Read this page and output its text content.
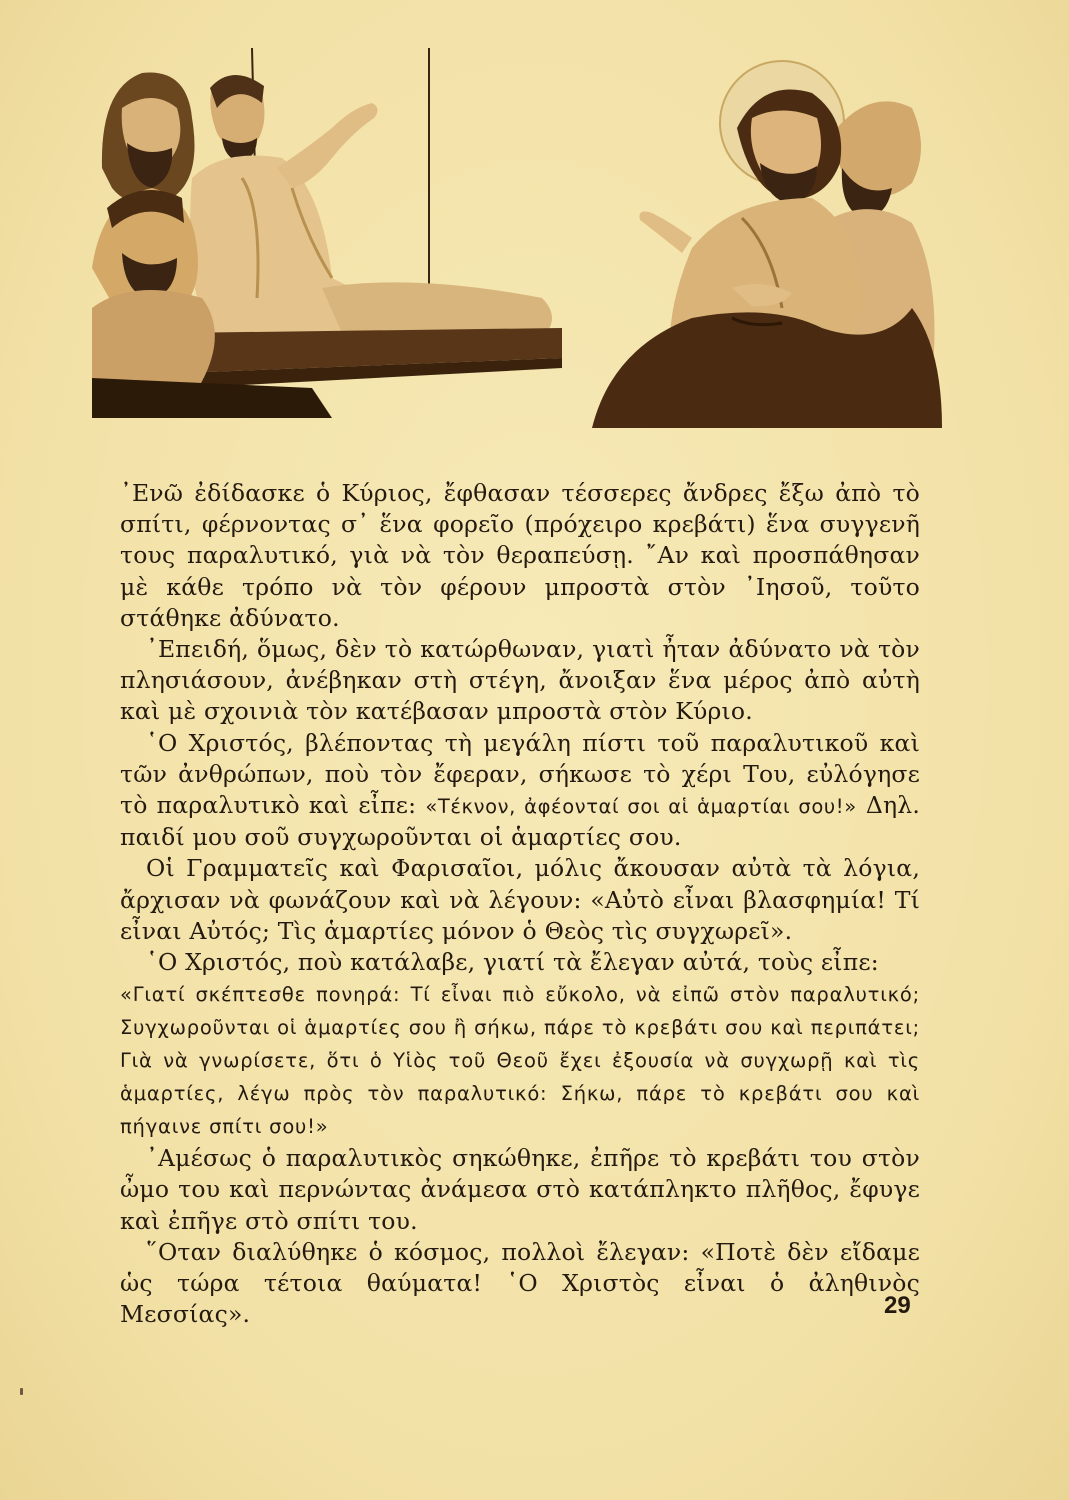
᾿Ενῶ ἐδίδασκε ὁ Κύριος, ἔφθασαν τέσσερες ἄνδρες ἔξω ἀπὸ τὸ σπίτι, φέρνοντας σ᾿ ἕνα φορεῖο (πρόχειρο κρεβάτι) ἕνα συγγενῆ τους παραλυτικό, γιὰ νὰ τὸν θεραπεύσῃ. ῎Αν καὶ προσπάθησαν μὲ κάθε τρόπο νὰ τὸν φέρουν μπροστὰ στὸν ᾿Ιησοῦ, τοῦτο στάθηκε ἀδύνατο.

᾿Επειδή, ὅμως, δὲν τὸ κατώρθωναν, γιατὶ ἦταν ἀδύνατο νὰ τὸν πλησιάσουν, ἀνέβηκαν στὴ στέγη, ἄνοιξαν ἕνα μέρος ἀπὸ αὐτὴ καὶ μὲ σχοινιὰ τὸν κατέβασαν μπροστὰ στὸν Κύριο.

῾Ο Χριστός, βλέποντας τὴ μεγάλη πίστι τοῦ παραλυτικοῦ καὶ τῶν ἀνθρώπων, ποὺ τὸν ἔφεραν, σήκωσε τὸ χέρι Του, εὐλόγησε τὸ παραλυτικὸ καὶ εἶπε: «Τέκνον, ἀφέονταί σοι αἱ ἁμαρτίαι σου!» Δηλ. παιδί μου σοῦ συγχωροῦνται οἱ ἁμαρτίες σου.

Οἱ Γραμματεῖς καὶ Φαρισαῖοι, μόλις ἄκουσαν αὐτὰ τὰ λόγια, ἄρχισαν νὰ φωνάζουν καὶ νὰ λέγουν: «Αὐτὸ εἶναι βλασφημία! Τί εἶναι Αὐτός; Τὶς ἁμαρτίες μόνον ὁ Θεὸς τὶς συγχωρεῖ».

῾Ο Χριστός, ποὺ κατάλαβε, γιατί τὰ ἔλεγαν αὐτά, τοὺς εἶπε:

«Γιατί σκέπτεσθε πονηρά: Τί εἶναι πιὸ εὔκολο, νὰ εἰπῶ στὸν παραλυτικό; Συγχωροῦνται οἱ ἁμαρτίες σου ἢ σήκω, πάρε τὸ κρεβάτι σου καὶ περιπάτει; Γιὰ νὰ γνωρίσετε, ὅτι ὁ Υἱὸς τοῦ Θεοῦ ἔχει ἐξουσία νὰ συγχωρῇ καὶ τὶς ἁμαρτίες, λέγω πρὸς τὸν παραλυτικό: Σήκω, πάρε τὸ κρεβάτι σου καὶ πήγαινε σπίτι σου!»

᾿Αμέσως ὁ παραλυτικὸς σηκώθηκε, ἐπῆρε τὸ κρεβάτι του στὸν ὦμο του καὶ περνώντας ἀνάμεσα στὸ κατάπληκτο πλῆθος, ἔφυγε καὶ ἐπῆγε στὸ σπίτι του.

῞Οταν διαλύθηκε ὁ κόσμος, πολλοὶ ἔλεγαν: «Ποτὲ δὲν εἴδαμε ὡς τώρα τέτοια θαύματα! ῾Ο Χριστὸς εἶναι ὁ ἀληθινὸς Μεσσίας».	29
